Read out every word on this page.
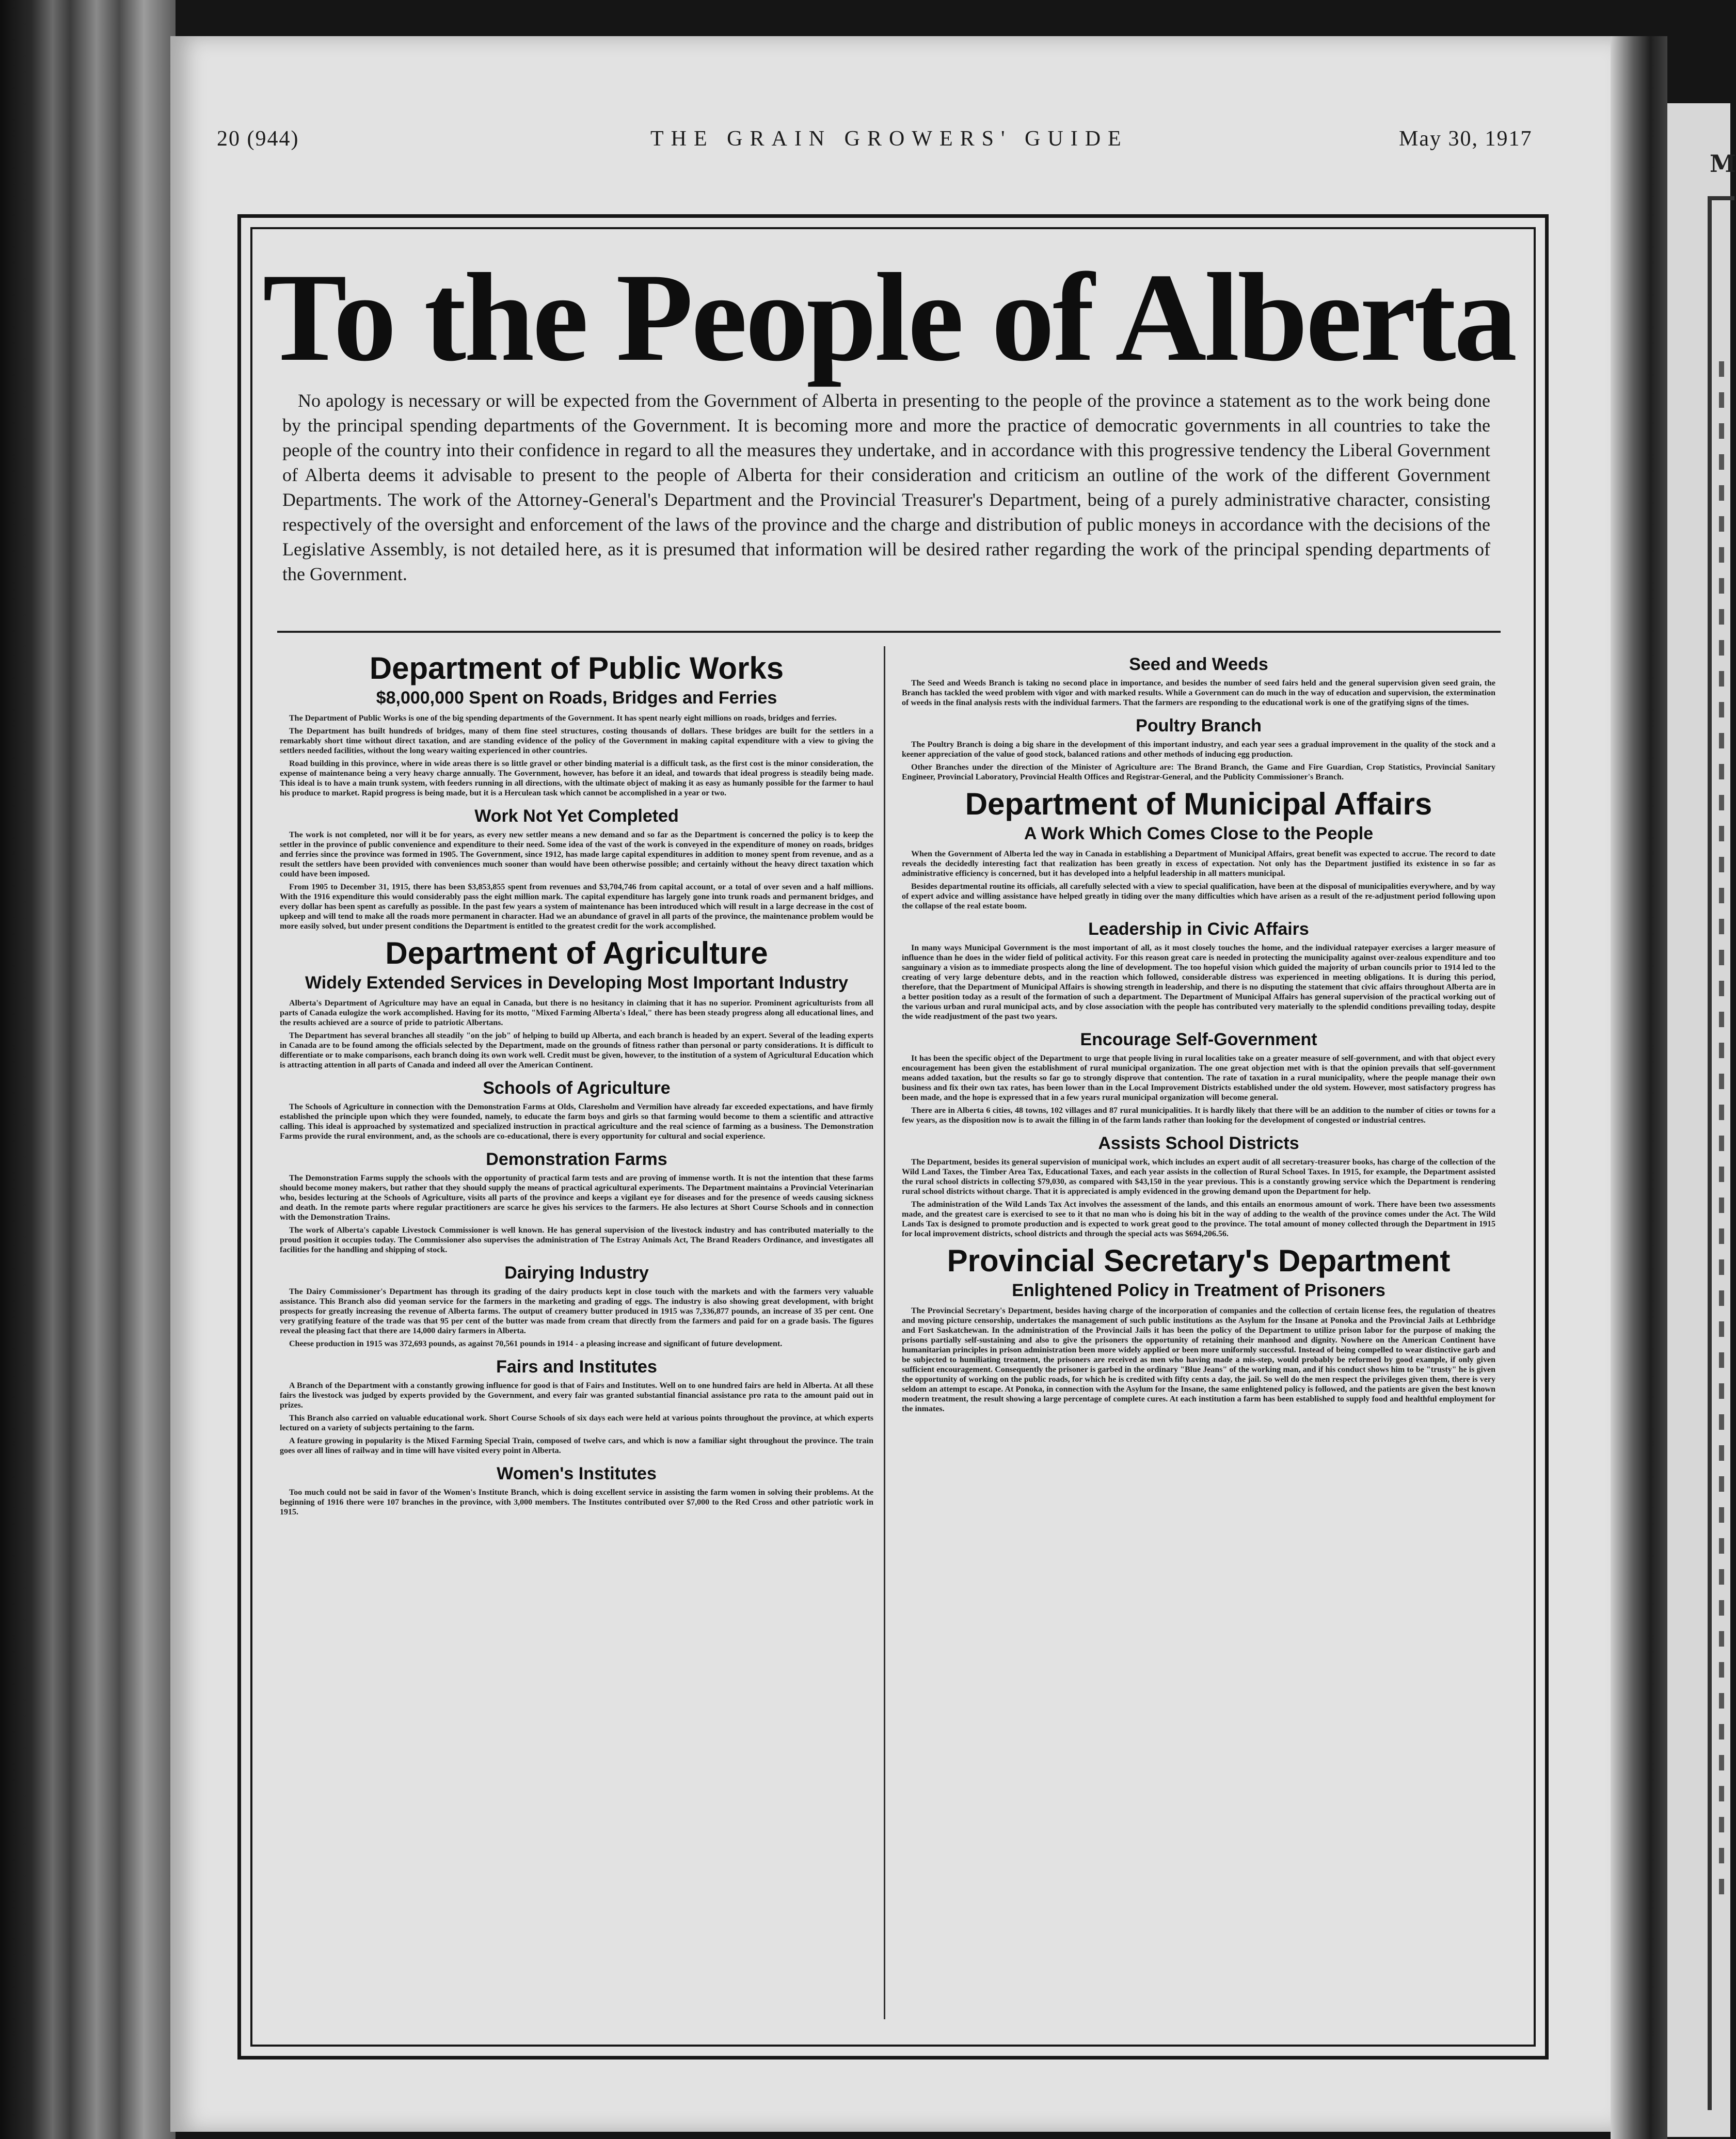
20 (944)	THE GRAIN GROWERS' GUIDE	May 30, 1917
To the People of Alberta
No apology is necessary or will be expected from the Government of Alberta in presenting to the people of the province a statement as to the work being done by the principal spending departments of the Government. It is becoming more and more the practice of democratic governments in all countries to take the people of the country into their confidence in regard to all the measures they undertake, and in accordance with this progressive tendency the Liberal Government of Alberta deems it advisable to present to the people of Alberta for their consideration and criticism an outline of the work of the different Government Departments. The work of the Attorney-General's Department and the Provincial Treasurer's Department, being of a purely administrative character, consisting respectively of the oversight and enforcement of the laws of the province and the charge and distribution of public moneys in accordance with the decisions of the Legislative Assembly, is not detailed here, as it is presumed that information will be desired rather regarding the work of the principal spending departments of the Government.
Department of Public Works
$8,000,000 Spent on Roads, Bridges and Ferries

The Department of Public Works is one of the big spending departments of the Government. It has spent nearly eight millions on roads, bridges and ferries.

The Department has built hundreds of bridges, many of them fine steel structures, costing thousands of dollars. These bridges are built for the settlers in a remarkably short time without direct taxation, and are standing evidence of the policy of the Government in making capital expenditure with a view to giving the settlers needed facilities, without the long weary waiting experienced in other countries.

Road building in this province, where in wide areas there is so little gravel or other binding material is a difficult task, as the first cost is the minor consideration, the expense of maintenance being a very heavy charge annually. The Government, however, has before it an ideal, and towards that ideal progress is steadily being made. This ideal is to have a main trunk system, with feeders running in all directions, with the ultimate object of making it as easy as humanly possible for the farmer to haul his produce to market. Rapid progress is being made, but it is a Herculean task which cannot be accomplished in a year or two.

Work Not Yet Completed

The work is not completed, nor will it be for years, as every new settler means a new demand and so far as the Department is concerned the policy is to keep the settler in the province of public convenience and expenditure to their need. Some idea of the vast of the work is conveyed in the expenditure of money on roads, bridges and ferries since the province was formed in 1905. The Government, since 1912, has made large capital expenditures in addition to money spent from revenue, and as a result the settlers have been provided with conveniences much sooner than would have been otherwise possible; and certainly without the heavy direct taxation which could have been imposed.

From 1905 to December 31, 1915, there has been $3,853,855 spent from revenues and $3,704,746 from capital account, or a total of over seven and a half millions. With the 1916 expenditure this would considerably pass the eight million mark. The capital expenditure has largely gone into trunk roads and permanent bridges, and every dollar has been spent as carefully as possible. In the past few years a system of maintenance has been introduced which will result in a large decrease in the cost of upkeep and will tend to make all the roads more permanent in character. Had we an abundance of gravel in all parts of the province, the maintenance problem would be more easily solved, but under present conditions the Department is entitled to the greatest credit for the work accomplished.

Department of Agriculture
Widely Extended Services in Developing Most Important Industry

Alberta's Department of Agriculture may have an equal in Canada, but there is no hesitancy in claiming that it has no superior. Prominent agriculturists from all parts of Canada eulogize the work accomplished. Having for its motto, "Mixed Farming Alberta's Ideal," there has been steady progress along all educational lines, and the results achieved are a source of pride to patriotic Albertans.

The Department has several branches all steadily "on the job" of helping to build up Alberta, and each branch is headed by an expert. Several of the leading experts in Canada are to be found among the officials selected by the Department, made on the grounds of fitness rather than personal or party considerations. It is difficult to differentiate or to make comparisons, each branch doing its own work well. Credit must be given, however, to the institution of a system of Agricultural Education which is attracting attention in all parts of Canada and indeed all over the American Continent.

Schools of Agriculture

The Schools of Agriculture in connection with the Demonstration Farms at Olds, Claresholm and Vermilion have already far exceeded expectations, and have firmly established the principle upon which they were founded, namely, to educate the farm boys and girls so that farming would become to them a scientific and attractive calling. This ideal is approached by systematized and specialized instruction in practical agriculture and the real science of farming as a business. The Demonstration Farms provide the rural environment, and, as the schools are co-educational, there is every opportunity for cultural and social experience.

Demonstration Farms

The Demonstration Farms supply the schools with the opportunity of practical farm tests and are proving of immense worth. It is not the intention that these farms should become money makers, but rather that they should supply the means of practical agricultural experiments. The Department maintains a Provincial Veterinarian who, besides lecturing at the Schools of Agriculture, visits all parts of the province and keeps a vigilant eye for diseases and for the presence of weeds causing sickness and death. In the remote parts where regular practitioners are scarce he gives his services to the farmers. He also lectures at Short Course Schools and in connection with the Demonstration Trains.

The work of Alberta's capable Livestock Commissioner is well known. He has general supervision of the livestock industry and has contributed materially to the proud position it occupies today. The Commissioner also supervises the administration of The Estray Animals Act, The Brand Readers Ordinance, and investigates all facilities for the handling and shipping of stock.

Dairying Industry

The Dairy Commissioner's Department has through its grading of the dairy products kept in close touch with the markets and with the farmers very valuable assistance. This Branch also did yeoman service for the farmers in the marketing and grading of eggs. The industry is also showing great development, with bright prospects for greatly increasing the revenue of Alberta farms. The output of creamery butter produced in 1915 was 7,336,877 pounds, an increase of 35 per cent. One very gratifying feature of the trade was that 95 per cent of the butter was made from cream that directly from the farmers and paid for on a grade basis. The figures reveal the pleasing fact that there are 14,000 dairy farmers in Alberta.

Cheese production in 1915 was 372,693 pounds, as against 70,561 pounds in 1914 - a pleasing increase and significant of future development.

Fairs and Institutes

A Branch of the Department with a constantly growing influence for good is that of Fairs and Institutes. Well on to one hundred fairs are held in Alberta. At all these fairs the livestock was judged by experts provided by the Government, and every fair was granted substantial financial assistance pro rata to the amount paid out in prizes.

This Branch also carried on valuable educational work. Short Course Schools of six days each were held at various points throughout the province, at which experts lectured on a variety of subjects pertaining to the farm.

A feature growing in popularity is the Mixed Farming Special Train, composed of twelve cars, and which is now a familiar sight throughout the province. The train goes over all lines of railway and in time will have visited every point in Alberta.

Women's Institutes

Too much could not be said in favor of the Women's Institute Branch, which is doing excellent service in assisting the farm women in solving their problems. At the beginning of 1916 there were 107 branches in the province, with 3,000 members. The Institutes contributed over $7,000 to the Red Cross and other patriotic work in 1915.

Seed and Weeds

The Seed and Weeds Branch is taking no second place in importance, and besides the number of seed fairs held and the general supervision given seed grain, the Branch has tackled the weed problem with vigor and with marked results. While a Government can do much in the way of education and supervision, the extermination of weeds in the final analysis rests with the individual farmers. That the farmers are responding to the educational work is one of the gratifying signs of the times.

Poultry Branch

The Poultry Branch is doing a big share in the development of this important industry, and each year sees a gradual improvement in the quality of the stock and a keener appreciation of the value of good stock, balanced rations and other methods of inducing egg production.

Other Branches under the direction of the Minister of Agriculture are: The Brand Branch, the Game and Fire Guardian, Crop Statistics, Provincial Sanitary Engineer, Provincial Laboratory, Provincial Health Offices and Registrar-General, and the Publicity Commissioner's Branch.

Department of Municipal Affairs
A Work Which Comes Close to the People

When the Government of Alberta led the way in Canada in establishing a Department of Municipal Affairs, great benefit was expected to accrue. The record to date reveals the decidedly interesting fact that realization has been greatly in excess of expectation. Not only has the Department justified its existence in so far as administrative efficiency is concerned, but it has developed into a helpful leadership in all matters municipal.

Besides departmental routine its officials, all carefully selected with a view to special qualification, have been at the disposal of municipalities everywhere, and by way of expert advice and willing assistance have helped greatly in tiding over the many difficulties which have arisen as a result of the re-adjustment period following upon the collapse of the real estate boom.

Leadership in Civic Affairs

In many ways Municipal Government is the most important of all, as it most closely touches the home, and the individual ratepayer exercises a larger measure of influence than he does in the wider field of political activity. For this reason great care is needed in protecting the municipality against over-zealous expenditure and too sanguinary a vision as to immediate prospects along the line of development. The too hopeful vision which guided the majority of urban councils prior to 1914 led to the creating of very large debenture debts, and in the reaction which followed, considerable distress was experienced in meeting obligations. It is during this period, therefore, that the Department of Municipal Affairs is showing strength in leadership, and there is no disputing the statement that civic affairs throughout Alberta are in a better position today as a result of the formation of such a department. The Department of Municipal Affairs has general supervision of the practical working out of the various urban and rural municipal acts, and by close association with the people has contributed very materially to the splendid conditions prevailing today, despite the wide readjustment of the past two years.

Encourage Self-Government

It has been the specific object of the Department to urge that people living in rural localities take on a greater measure of self-government, and with that object every encouragement has been given the establishment of rural municipal organization. The one great objection met with is that the opinion prevails that self-government means added taxation, but the results so far go to strongly disprove that contention. The rate of taxation in a rural municipality, where the people manage their own business and fix their own tax rates, has been lower than in the Local Improvement Districts established under the old system. However, most satisfactory progress has been made, and the hope is expressed that in a few years rural municipal organization will become general.

There are in Alberta 6 cities, 48 towns, 102 villages and 87 rural municipalities. It is hardly likely that there will be an addition to the number of cities or towns for a few years, as the disposition now is to await the filling in of the farm lands rather than looking for the development of congested or industrial centres.

Assists School Districts

The Department, besides its general supervision of municipal work, which includes an expert audit of all secretary-treasurer books, has charge of the collection of the Wild Land Taxes, the Timber Area Tax, Educational Taxes, and each year assists in the collection of Rural School Taxes. In 1915, for example, the Department assisted the rural school districts in collecting $79,030, as compared with $43,150 in the year previous. This is a constantly growing service which the Department is rendering rural school districts without charge. That it is appreciated is amply evidenced in the growing demand upon the Department for help.

The administration of the Wild Lands Tax Act involves the assessment of the lands, and this entails an enormous amount of work. There have been two assessments made, and the greatest care is exercised to see to it that no man who is doing his bit in the way of adding to the wealth of the province comes under the Act. The Wild Lands Tax is designed to promote production and is expected to work great good to the province. The total amount of money collected through the Department in 1915 for local improvement districts, school districts and through the special acts was $694,206.56.

Provincial Secretary's Department
Enlightened Policy in Treatment of Prisoners

The Provincial Secretary's Department, besides having charge of the incorporation of companies and the collection of certain license fees, the regulation of theatres and moving picture censorship, undertakes the management of such public institutions as the Asylum for the Insane at Ponoka and the Provincial Jails at Lethbridge and Fort Saskatchewan. In the administration of the Provincial Jails it has been the policy of the Department to utilize prison labor for the purpose of making the prisons partially self-sustaining and also to give the prisoners the opportunity of retaining their manhood and dignity. Nowhere on the American Continent have humanitarian principles in prison administration been more widely applied or been more uniformly successful. Instead of being compelled to wear distinctive garb and be subjected to humiliating treatment, the prisoners are received as men who having made a mis-step, would probably be reformed by good example, if only given sufficient encouragement. Consequently the prisoner is garbed in the ordinary "Blue Jeans" of the working man, and if his conduct shows him to be "trusty" he is given the opportunity of working on the public roads, for which he is credited with fifty cents a day, the jail. So well do the men respect the privileges given them, there is very seldom an attempt to escape. At Ponoka, in connection with the Asylum for the Insane, the same enlightened policy is followed, and the patients are given the best known modern treatment, the result showing a large percentage of complete cures. At each institution a farm has been established to supply food and healthful employment for the inmates.

M
